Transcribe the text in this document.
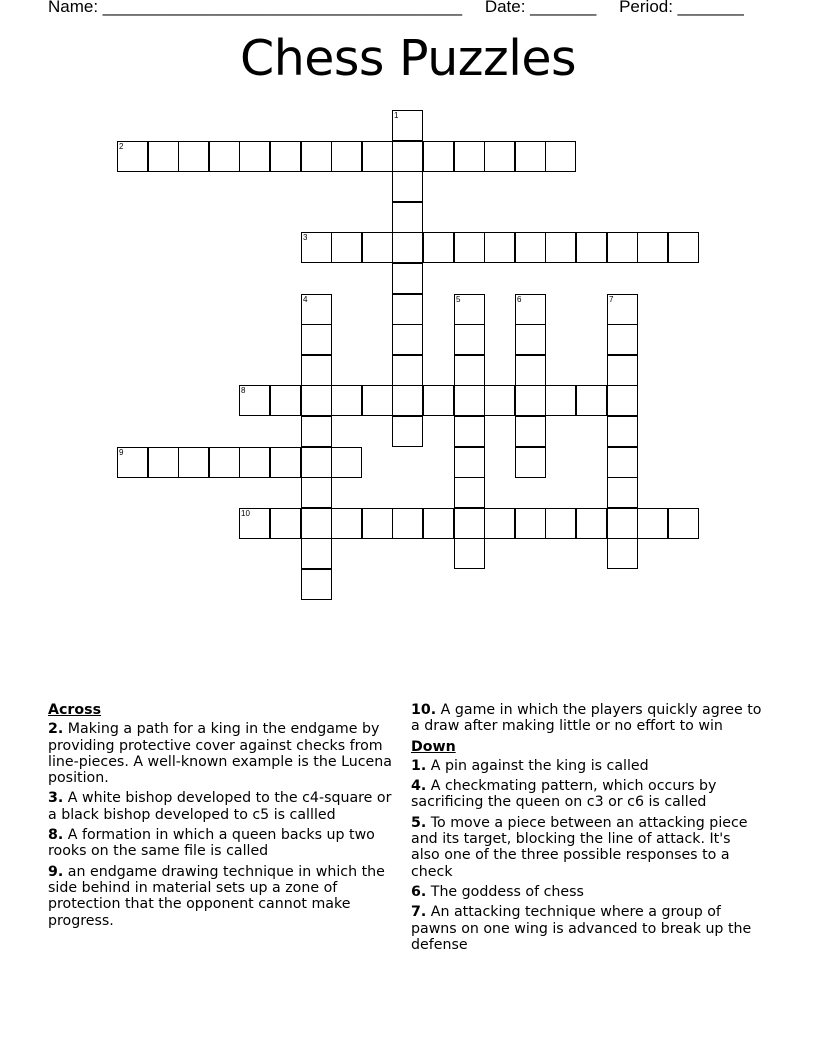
Name: ______________________________________ Date: _______ Period: _______
Chess Puzzles
1
2
3
4	5	6	7
8
9
10
Across
2. Making a path for a king in the endgame by providing protective cover against checks from line-pieces. A well-known example is the Lucena position.
3. A white bishop developed to the c4-square or a black bishop developed to c5 is callled
8. A formation in which a queen backs up two rooks on the same file is called
9. an endgame drawing technique in which the side behind in material sets up a zone of protection that the opponent cannot make progress.
10. A game in which the players quickly agree to a draw after making little or no effort to win
Down
1. A pin against the king is called
4. A checkmating pattern, which occurs by sacrificing the queen on c3 or c6 is called
5. To move a piece between an attacking piece and its target, blocking the line of attack. It's also one of the three possible responses to a check
6. The goddess of chess
7. An attacking technique where a group of pawns on one wing is advanced to break up the defense
